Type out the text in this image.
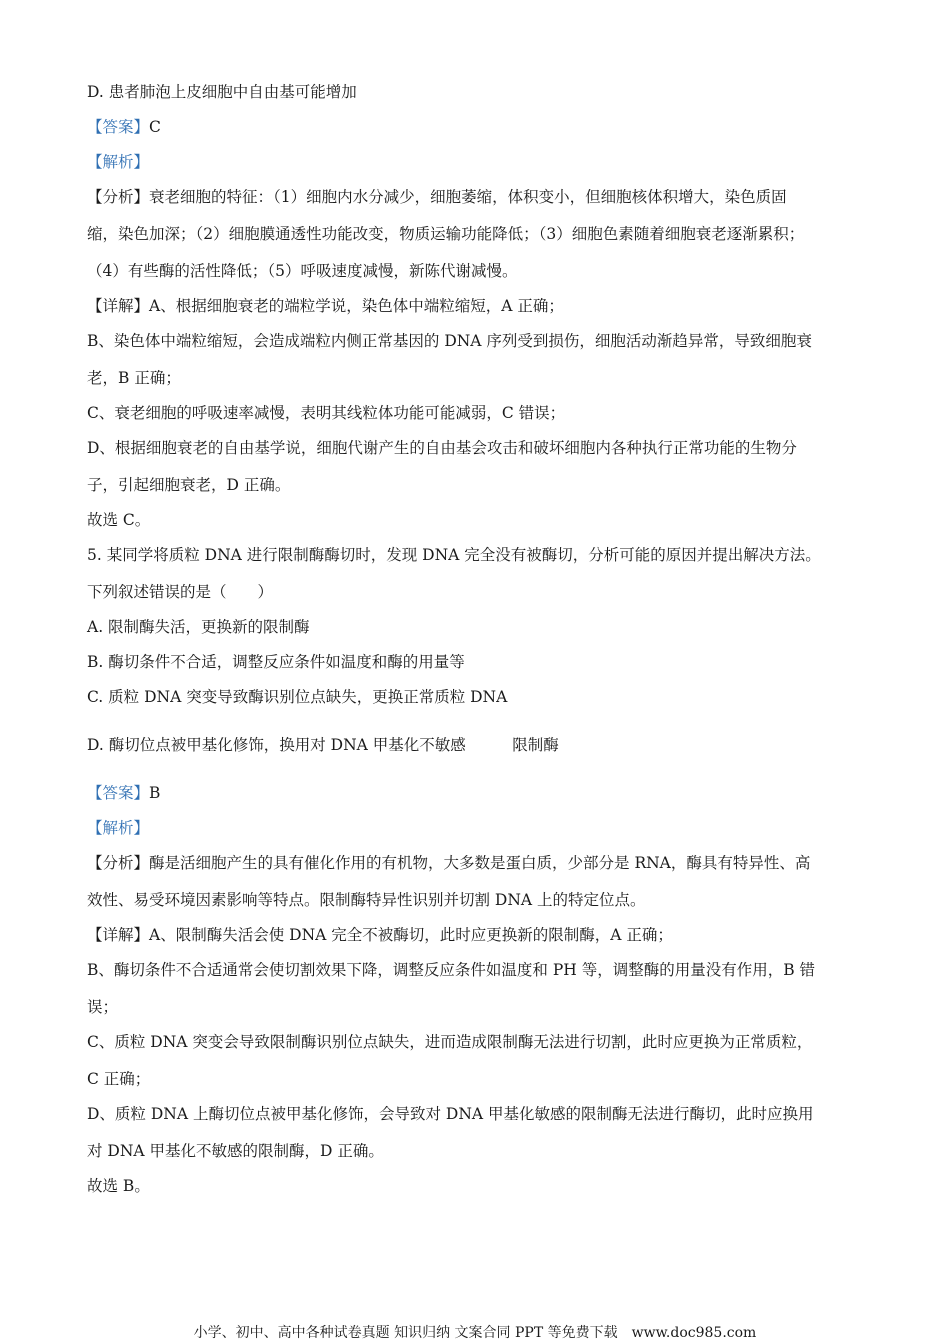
D. 患者肺泡上皮细胞中自由基可能增加

【答案】C

【解析】

【分析】衰老细胞的特征：（1）细胞内水分减少，细胞萎缩，体积变小，但细胞核体积增大，染色质固

缩，染色加深；（2）细胞膜通透性功能改变，物质运输功能降低；（3）细胞色素随着细胞衰老逐渐累积；

（4）有些酶的活性降低；（5）呼吸速度减慢，新陈代谢减慢。

【详解】A、根据细胞衰老的端粒学说，染色体中端粒缩短，A 正确；

B、染色体中端粒缩短，会造成端粒内侧正常基因的 DNA 序列受到损伤，细胞活动渐趋异常，导致细胞衰

老，B 正确；

C、衰老细胞的呼吸速率减慢，表明其线粒体功能可能减弱，C 错误；

D、根据细胞衰老的自由基学说，细胞代谢产生的自由基会攻击和破坏细胞内各种执行正常功能的生物分

子，引起细胞衰老，D 正确。

故选 C。

5. 某同学将质粒 DNA 进行限制酶酶切时，发现 DNA 完全没有被酶切，分析可能的原因并提出解决方法。

下列叙述错误的是（　　）

A. 限制酶失活，更换新的限制酶

B. 酶切条件不合适，调整反应条件如温度和酶的用量等

C. 质粒 DNA 突变导致酶识别位点缺失，更换正常质粒 DNA

D. 酶切位点被甲基化修饰，换用对 DNA 甲基化不敏感　　　限制酶

【答案】B

【解析】

【分析】酶是活细胞产生的具有催化作用的有机物，大多数是蛋白质，少部分是 RNA，酶具有特异性、高

效性、易受环境因素影响等特点。限制酶特异性识别并切割 DNA 上的特定位点。

【详解】A、限制酶失活会使 DNA 完全不被酶切，此时应更换新的限制酶，A 正确；

B、酶切条件不合适通常会使切割效果下降，调整反应条件如温度和 PH 等，调整酶的用量没有作用，B 错

误；

C、质粒 DNA 突变会导致限制酶识别位点缺失，进而造成限制酶无法进行切割，此时应更换为正常质粒，

C 正确；

D、质粒 DNA 上酶切位点被甲基化修饰，会导致对 DNA 甲基化敏感的限制酶无法进行酶切，此时应换用

对 DNA 甲基化不敏感的限制酶，D 正确。

故选 B。

小学、初中、高中各种试卷真题 知识归纳 文案合同 PPT 等免费下载 www.doc985.com
